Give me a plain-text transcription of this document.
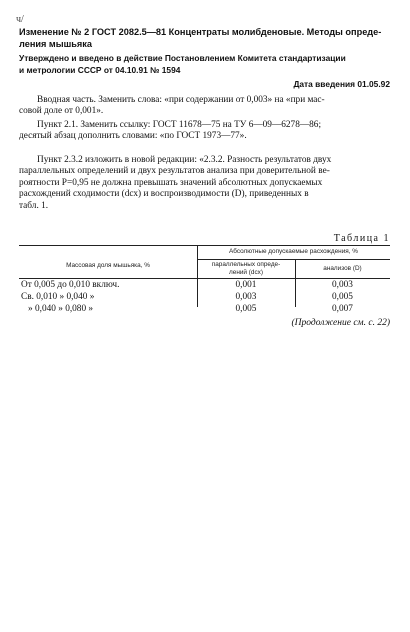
ч/
Изменение № 2 ГОСТ 2082.5—81 Концентраты молибденовые. Методы опреде-
ления мышьяка
Утверждено и введено в действие Постановлением Комитета стандартизации
и метрологии СССР от 04.10.91 № 1594
Дата введения 01.05.92
Вводная часть. Заменить слова: «при содержании от 0,003» на «при мас-
совой доле от 0,001».
Пункт 2.1. Заменить ссылку: ГОСТ 11678—75 на ТУ 6—09—6278—86;
десятый абзац дополнить словами: «по ГОСТ 1973—77».
Пункт 2.3.2 изложить в новой редакции: «2.3.2. Разность результатов двух
параллельных определений и двух результатов анализа при доверительной ве-
роятности P=0,95 не должна превышать значений абсолютных допускаемых
расхождений сходимости (dсх) и воспроизводимости (D), приведенных в
табл. 1.
Таблица 1
Массовая доля мышьяка, %
Абсолютные допускаемые расхождения, %
параллельных опреде-
лений (dсх)
анализов (D)
От 0,005 до 0,010 включ.	0,001	0,003
Св. 0,010 » 0,040 »	0,003	0,005
» 0,040 » 0,080 »	0,005	0,007
(Продолжение см. с. 22)
